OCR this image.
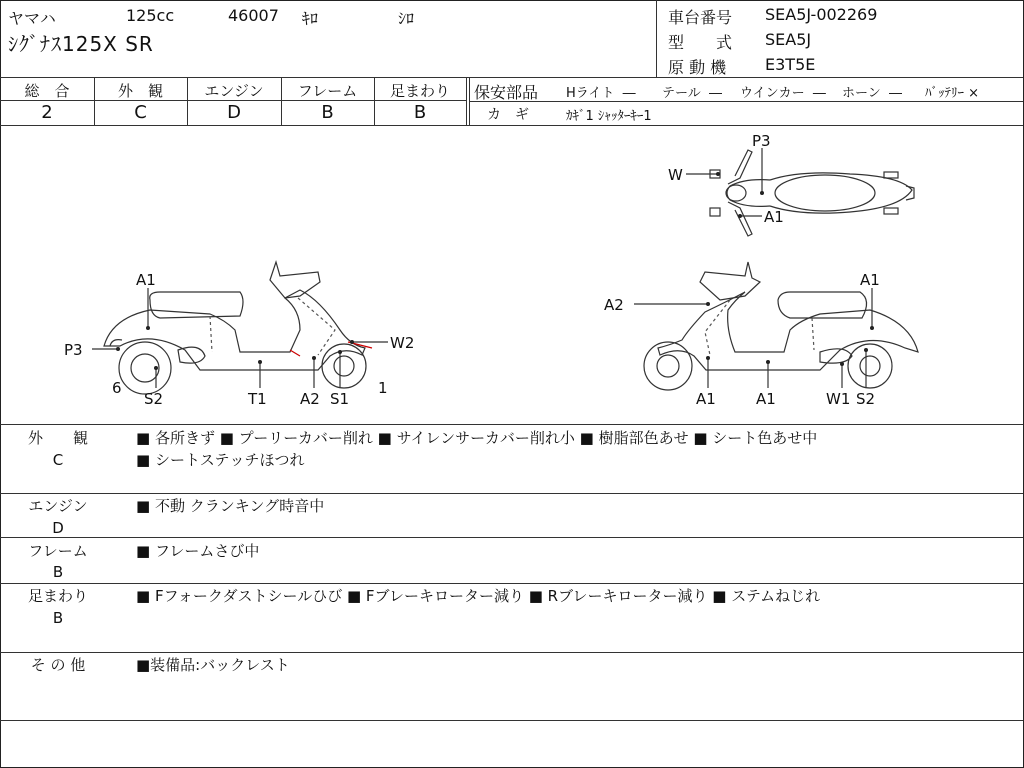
ヤマハ	125cc	46007 ｷﾛ	ｼﾛ
ｼｸﾞﾅｽ125X SR
車台番号 SEA5J-002269
型　　式 SEA5J
原 動 機 E3T5E
総　合	外　観	エンジン	フレーム	足まわり
2	C	D	B	B
保安部品 Hライト ― テール ― ウインカー ― ホーン ― ﾊﾞｯﾃﾘｰ ×
カ　ギ	ｶｷﾞ1 ｼｬｯﾀｰｷｰ1
P3
W
A1
A1
P3	W2
6	1
S2	T1 A2 S1
A2
A1
A1	A1	W1 S2
外　　観
C
■ 各所きず ■ プーリーカバー削れ ■ サイレンサーカバー削れ小 ■ 樹脂部色あせ ■ シート色あせ中
■ シートステッチほつれ
エンジン
D
■ 不動 クランキング時音中
フレーム
B
■ フレームさび中
足まわり
B
■ Fフォークダストシールひび ■ Fブレーキローター減り ■ Rブレーキローター減り ■ ステムねじれ
そ の 他	■装備品:バックレスト
